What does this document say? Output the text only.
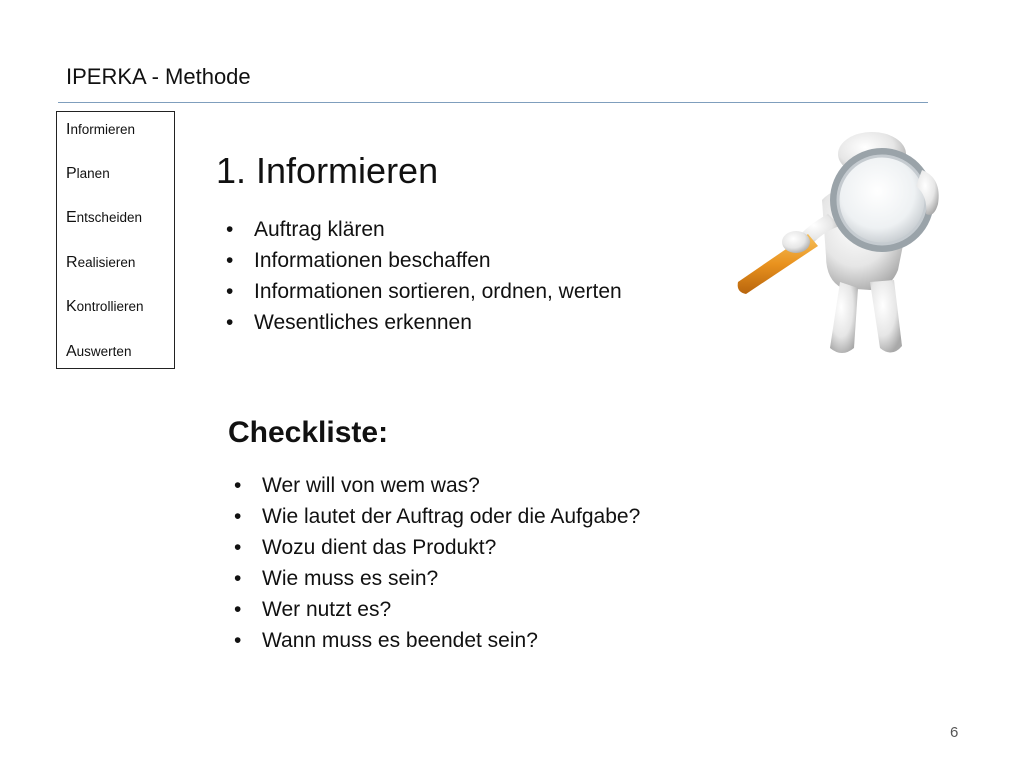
IPERKA - Methode
Informieren
Planen
Entscheiden
Realisieren
Kontrollieren
Auswerten
1. Informieren
• Auftrag klären
• Informationen beschaffen
• Informationen sortieren, ordnen, werten
• Wesentliches erkennen
Checkliste:
• Wer will von wem was?
• Wie lautet der Auftrag oder die Aufgabe?
• Wozu dient das Produkt?
• Wie muss es sein?
• Wer nutzt es?
• Wann muss es beendet sein?
6
